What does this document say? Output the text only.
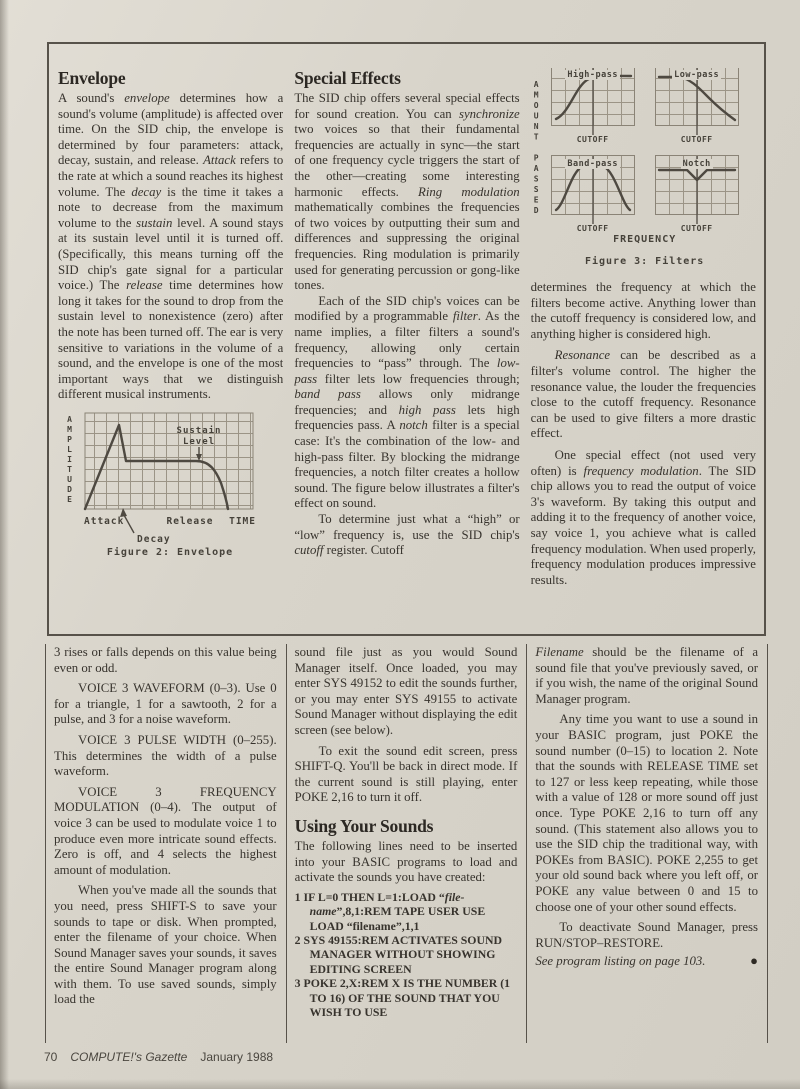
Envelope

A sound's envelope determines how a sound's volume (amplitude) is affected over time. On the SID chip, the envelope is determined by four parameters: attack, decay, sustain, and release. Attack refers to the rate at which a sound reaches its highest volume. The decay is the time it takes a note to decrease from the maximum volume to the sustain level. A sound stays at its sustain level until it is turned off. (Specifically, this means turning off the SID chip's gate signal for a particular voice.) The release time determines how long it takes for the sound to drop from the sustain level to nonexistence (zero) after the note has been turned off. The ear is very sensitive to variations in the volume of a sound, and the envelope is one of the most important ways that we distinguish different musical instruments.

AMPLITUDE	Sustain
Level
Attack	Release TIME
Decay
Figure 2: Envelope
Special Effects

The SID chip offers several special effects for sound creation. You can synchronize two voices so that their fundamental frequencies are actually in sync—the start of one frequency cycle triggers the start of the other—creating some interesting harmonic effects. Ring modulation mathematically combines the frequencies of two voices by outputting their sum and differences and suppressing the original frequencies. Ring modulation is primarily used for generating percussion or gong-like tones.

Each of the SID chip's voices can be modified by a programmable filter. As the name implies, a filter filters a sound's frequency, allowing only certain frequencies to “pass” through. The low-pass filter lets low frequencies through; band pass allows only midrange frequencies; and high pass lets high frequencies pass. A notch filter is a special case: It's the combination of the low- and high-pass filter. By blocking the midrange frequencies, a notch filter creates a hollow sound. The figure below illustrates a filter's effect on sound.

To determine just what a “high” or “low” frequency is, use the SID chip's cutoff register. Cutoff

AMOUNT PASSED
High-pass
CUTOFF
Low-pass
CUTOFF
Band-pass
CUTOFF
Notch
CUTOFF
FREQUENCY
Figure 3: Filters

determines the frequency at which the filters become active. Anything lower than the cutoff frequency is considered low, and anything higher is considered high.

Resonance can be described as a filter's volume control. The higher the resonance value, the louder the frequencies close to the cutoff frequency. Resonance can be used to give filters a more drastic effect.

One special effect (not used very often) is frequency modulation. The SID chip allows you to read the output of voice 3's waveform. By taking this output and adding it to the frequency of another voice, say voice 1, you achieve what is called frequency modulation. When used properly, frequency modulation produces impressive results.

3 rises or falls depends on this value being even or odd.

VOICE 3 WAVEFORM (0–3). Use 0 for a triangle, 1 for a sawtooth, 2 for a pulse, and 3 for a noise waveform.

VOICE 3 PULSE WIDTH (0–255). This determines the width of a pulse waveform.

VOICE 3 FREQUENCY MODULATION (0–4). The output of voice 3 can be used to modulate voice 1 to produce even more intricate sound effects. Zero is off, and 4 selects the highest amount of modulation.

When you've made all the sounds that you need, press SHIFT-S to save your sounds to tape or disk. When prompted, enter the filename of your choice. When Sound Manager saves your sounds, it saves the entire Sound Manager program along with them. To use saved sounds, simply load the

sound file just as you would Sound Manager itself. Once loaded, you may enter SYS 49152 to edit the sounds further, or you may enter SYS 49155 to activate Sound Manager without displaying the edit screen (see below).

To exit the sound edit screen, press SHIFT-Q. You'll be back in direct mode. If the current sound is still playing, enter POKE 2,16 to turn it off.

Using Your Sounds

The following lines need to be inserted into your BASIC programs to load and activate the sounds you have created:

1 IF L=0 THEN L=1:LOAD “file-name”,8,1:REM TAPE USER USE LOAD “filename”,1,1

2 SYS 49155:REM ACTIVATES SOUND MANAGER WITHOUT SHOWING EDITING SCREEN

3 POKE 2,X:REM X IS THE NUMBER (1 TO 16) OF THE SOUND THAT YOU WISH TO USE

Filename should be the filename of a sound file that you've previously saved, or if you wish, the name of the original Sound Manager program.

Any time you want to use a sound in your BASIC program, just POKE the sound number (0–15) to location 2. Note that the sounds with RELEASE TIME set to 127 or less keep repeating, while those with a value of 128 or more sound off just once. Type POKE 2,16 to turn off any sound. (This statement also allows you to use the SID chip the traditional way, with POKEs from BASIC). POKE 2,255 to get your old sound back where you left off, or POKE any value between 0 and 15 to choose one of your other sound effects.

To deactivate Sound Manager, press RUN/STOP–RESTORE.

See program listing on page 103.	●
70 COMPUTE!'s Gazette January 1988
